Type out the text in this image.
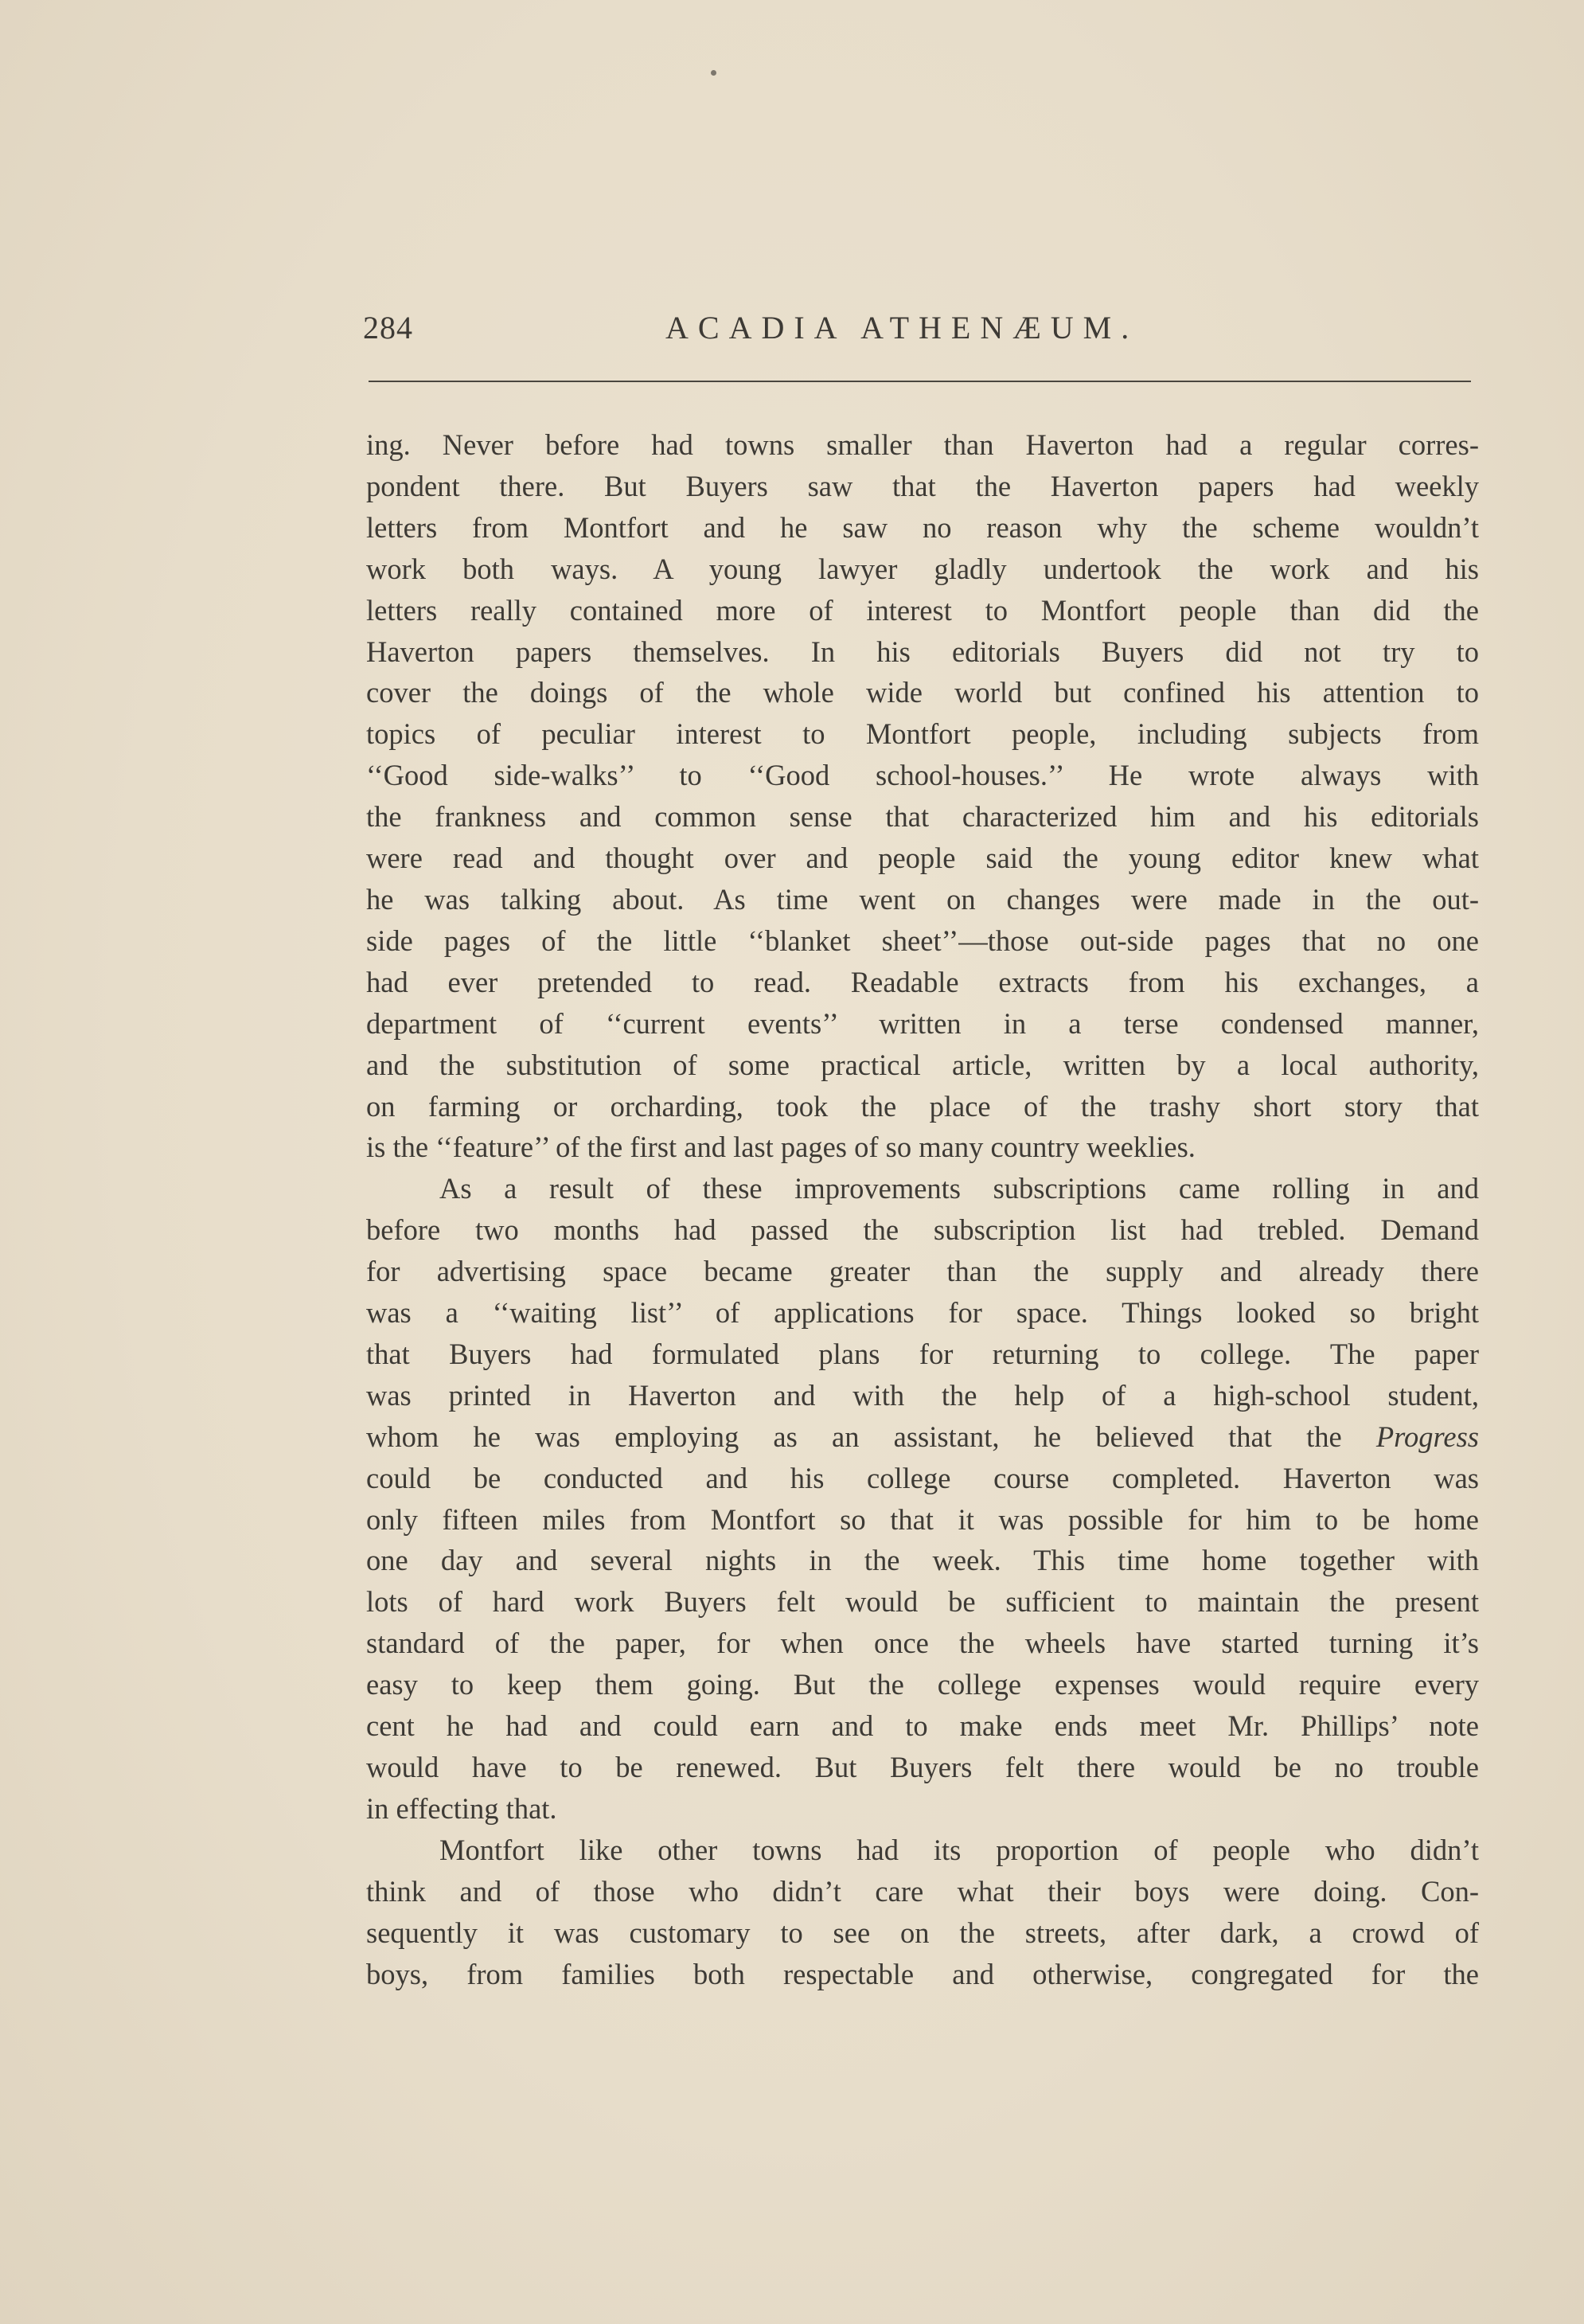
284	ACADIA ATHENÆUM.

ing. Never before had towns smaller than Haverton had a regular corres-
pondent there. But Buyers saw that the Haverton papers had weekly
letters from Montfort and he saw no reason why the scheme wouldn’t
work both ways. A young lawyer gladly undertook the work and his
letters really contained more of interest to Montfort people than did the
Haverton papers themselves. In his editorials Buyers did not try to
cover the doings of the whole wide world but confined his attention to
topics of peculiar interest to Montfort people, including subjects from
‘‘Good side-walks’’ to ‘‘Good school-houses.’’ He wrote always with
the frankness and common sense that characterized him and his editorials
were read and thought over and people said the young editor knew what
he was talking about. As time went on changes were made in the out-
side pages of the little ‘‘blanket sheet’’—those out-side pages that no one
had ever pretended to read. Readable extracts from his exchanges, a
department of ‘‘current events’’ written in a terse condensed manner,
and the substitution of some practical article, written by a local authority,
on farming or orcharding, took the place of the trashy short story that
is the ‘‘feature’’ of the first and last pages of so many country weeklies.

As a result of these improvements subscriptions came rolling in and
before two months had passed the subscription list had trebled. Demand
for advertising space became greater than the supply and already there
was a ‘‘waiting list’’ of applications for space. Things looked so bright
that Buyers had formulated plans for returning to college. The paper
was printed in Haverton and with the help of a high-school student,
whom he was employing as an assistant, he believed that the Progress
could be conducted and his college course completed. Haverton was
only fifteen miles from Montfort so that it was possible for him to be home
one day and several nights in the week. This time home together with
lots of hard work Buyers felt would be sufficient to maintain the present
standard of the paper, for when once the wheels have started turning it’s
easy to keep them going. But the college expenses would require every
cent he had and could earn and to make ends meet Mr. Phillips’ note
would have to be renewed. But Buyers felt there would be no trouble
in effecting that.

Montfort like other towns had its proportion of people who didn’t
think and of those who didn’t care what their boys were doing. Con-
sequently it was customary to see on the streets, after dark, a crowd of
boys, from families both respectable and otherwise, congregated for the
